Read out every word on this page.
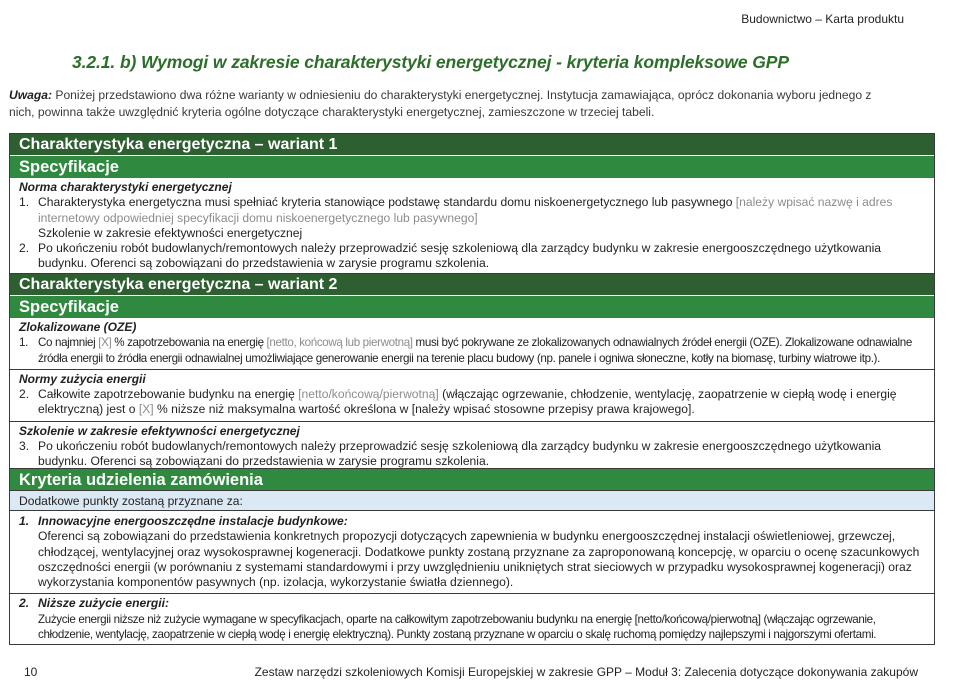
Budownictwo – Karta produktu
3.2.1. b) Wymogi w zakresie charakterystyki energetycznej - kryteria kompleksowe GPP
Uwaga: Poniżej przedstawiono dwa różne warianty w odniesieniu do charakterystyki energetycznej. Instytucja zamawiająca, oprócz dokonania wyboru jednego z nich, powinna także uwzględnić kryteria ogólne dotyczące charakterystyki energetycznej, zamieszczone w trzeciej tabeli.
Charakterystyka energetyczna – wariant 1
Specyfikacje
Norma charakterystyki energetycznej
1. Charakterystyka energetyczna musi spełniać kryteria stanowiące podstawę standardu domu niskoenergetycznego lub pasywnego [należy wpisać nazwę i adres internetowy odpowiedniej specyfikacji domu niskoenergetycznego lub pasywnego]
Szkolenie w zakresie efektywności energetycznej
2. Po ukończeniu robót budowlanych/remontowych należy przeprowadzić sesję szkoleniową dla zarządcy budynku w zakresie energooszczędnego użytkowania budynku. Oferenci są zobowiązani do przedstawienia w zarysie programu szkolenia.
Charakterystyka energetyczna – wariant 2
Specyfikacje
Zlokalizowane (OZE)
1. Co najmniej [X] % zapotrzebowania na energię [netto, końcową lub pierwotną] musi być pokrywane ze zlokalizowanych odnawialnych źródeł energii (OZE). Zlokalizowane odnawialne źródła energii to źródła energii odnawialnej umożliwiające generowanie energii na terenie placu budowy (np. panele i ogniwa słoneczne, kotły na biomasę, turbiny wiatrowe itp.).
Normy zużycia energii
2. Całkowite zapotrzebowanie budynku na energię [netto/końcową/pierwotną] (włączając ogrzewanie, chłodzenie, wentylację, zaopatrzenie w ciepłą wodę i energię elektryczną) jest o [X] % niższe niż maksymalna wartość określona w [należy wpisać stosowne przepisy prawa krajowego].
Szkolenie w zakresie efektywności energetycznej
3. Po ukończeniu robót budowlanych/remontowych należy przeprowadzić sesję szkoleniową dla zarządcy budynku w zakresie energooszczędnego użytkowania budynku. Oferenci są zobowiązani do przedstawienia w zarysie programu szkolenia.
Kryteria udzielenia zamówienia
Dodatkowe punkty zostaną przyznane za:
1. Innowacyjne energooszczędne instalacje budynkowe:
Oferenci są zobowiązani do przedstawienia konkretnych propozycji dotyczących zapewnienia w budynku energooszczędnej instalacji oświetleniowej, grzewczej, chłodzącej, wentylacyjnej oraz wysokosprawnej kogeneracji. Dodatkowe punkty zostaną przyznane za zaproponowaną koncepcję, w oparciu o ocenę szacunkowych oszczędności energii (w porównaniu z systemami standardowymi i przy uwzględnieniu unikniętych strat sieciowych w przypadku wysokosprawnej kogeneracji) oraz wykorzystania komponentów pasywnych (np. izolacja, wykorzystanie światła dziennego).
2. Niższe zużycie energii:
Zużycie energii niższe niż zużycie wymagane w specyfikacjach, oparte na całkowitym zapotrzebowaniu budynku na energię [netto/końcową/pierwotną] (włączając ogrzewanie, chłodzenie, wentylację, zaopatrzenie w ciepłą wodę i energię elektryczną). Punkty zostaną przyznane w oparciu o skalę ruchomą pomiędzy najlepszymi i najgorszymi ofertami.
10	Zestaw narzędzi szkoleniowych Komisji Europejskiej w zakresie GPP – Moduł 3: Zalecenia dotyczące dokonywania zakupów
